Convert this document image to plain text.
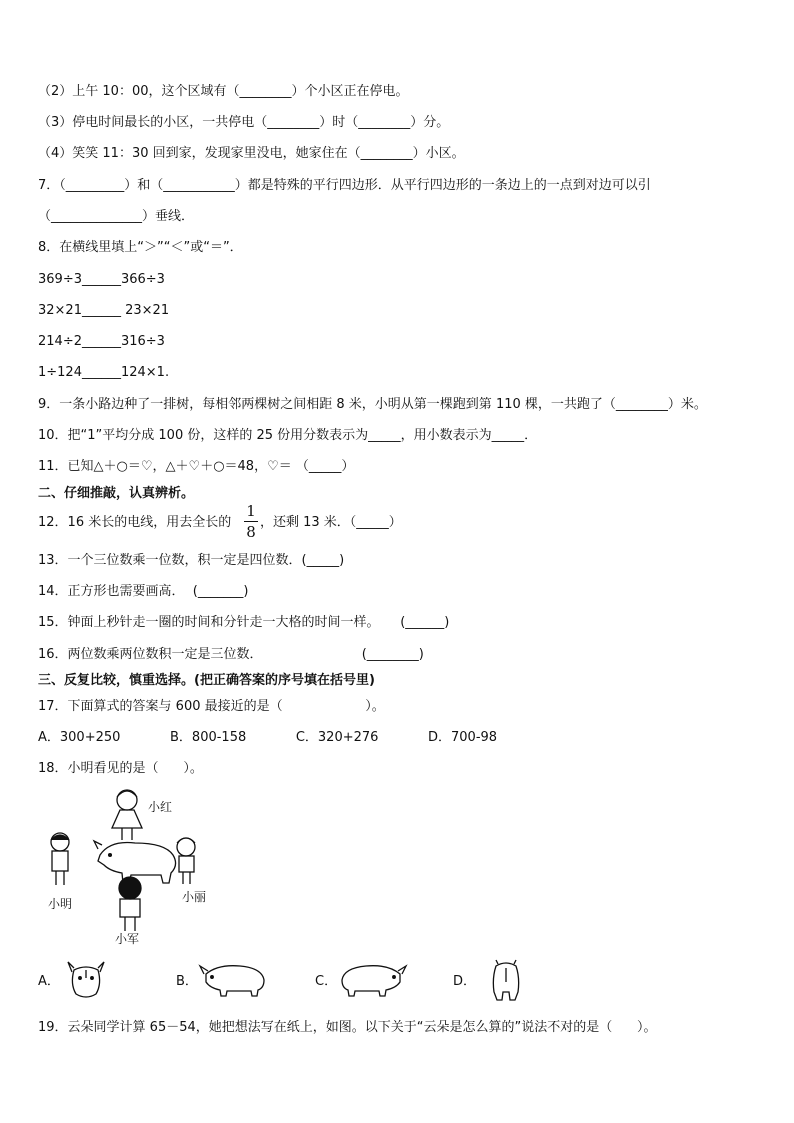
（2）上午 10：00，这个区域有（________）个小区正在停电。
（3）停电时间最长的小区，一共停电（________）时（________）分。
（4）笑笑 11：30 回到家，发现家里没电，她家住在（________）小区。
7．（_________）和（___________）都是特殊的平行四边形．从平行四边形的一条边上的一点到对边可以引
（______________）垂线．
8．在横线里填上“＞”“＜”或“＝”．
369÷3______366÷3
32×21______ 23×21
214÷2______316÷3
1÷124______124×1.
9．一条小路边种了一排树，每相邻两棵树之间相距 8 米，小明从第一棵跑到第 110 棵，一共跑了（________）米。
10．把“1”平均分成 100 份，这样的 25 份用分数表示为_____，用小数表示为_____．
11．已知△＋○＝♡，△＋♡＋○＝48，♡＝ （_____）
二、仔细推敲，认真辨析。
12．16 米长的电线，用去全长的
1
8
，还剩 13 米．（_____）
13．一个三位数乘一位数，积一定是四位数．(_____)
14．正方形也需要画高．  (_______)
15．钟面上秒针走一圈的时间和分针走一大格的时间一样。     (______)
16．两位数乘两位数积一定是三位数．                        (________)
三、反复比较，慎重选择。(把正确答案的序号填在括号里)
17．下面算式的答案与 600 最接近的是（                    ）。
A．300+250            B．800-158            C．320+276            D．700-98
18．小明看见的是（      ）。
小红
小明	小丽
小军
A．	B．	C．	D．
19．云朵同学计算 65－54，她把想法写在纸上，如图。以下关于“云朵是怎么算的”说法不对的是（      ）。
